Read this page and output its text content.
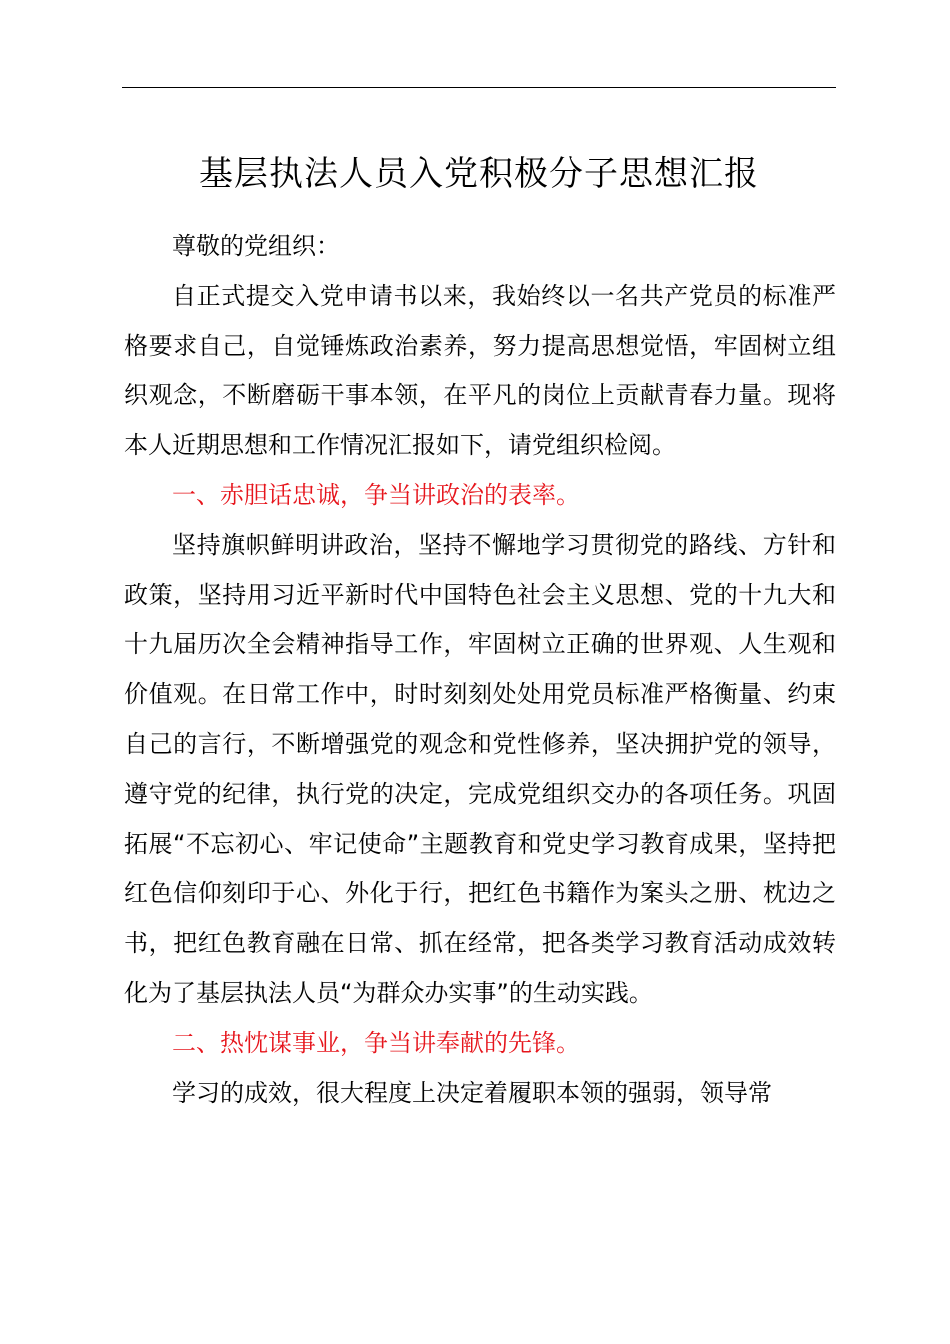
基层执法人员入党积极分子思想汇报

尊敬的党组织：

自正式提交入党申请书以来，我始终以一名共产党员的标准严格要求自己，自觉锤炼政治素养，努力提高思想觉悟，牢固树立组织观念，不断磨砺干事本领，在平凡的岗位上贡献青春力量。现将本人近期思想和工作情况汇报如下，请党组织检阅。

一、赤胆话忠诚，争当讲政治的表率。

坚持旗帜鲜明讲政治，坚持不懈地学习贯彻党的路线、方针和政策，坚持用习近平新时代中国特色社会主义思想、党的十九大和十九届历次全会精神指导工作，牢固树立正确的世界观、人生观和价值观。在日常工作中，时时刻刻处处用党员标准严格衡量、约束自己的言行，不断增强党的观念和党性修养，坚决拥护党的领导，遵守党的纪律，执行党的决定，完成党组织交办的各项任务。巩固拓展“不忘初心、牢记使命”主题教育和党史学习教育成果，坚持把红色信仰刻印于心、外化于行，把红色书籍作为案头之册、枕边之书，把红色教育融在日常、抓在经常，把各类学习教育活动成效转化为了基层执法人员“为群众办实事”的生动实践。

二、热忱谋事业，争当讲奉献的先锋。

学习的成效，很大程度上决定着履职本领的强弱，领导常
